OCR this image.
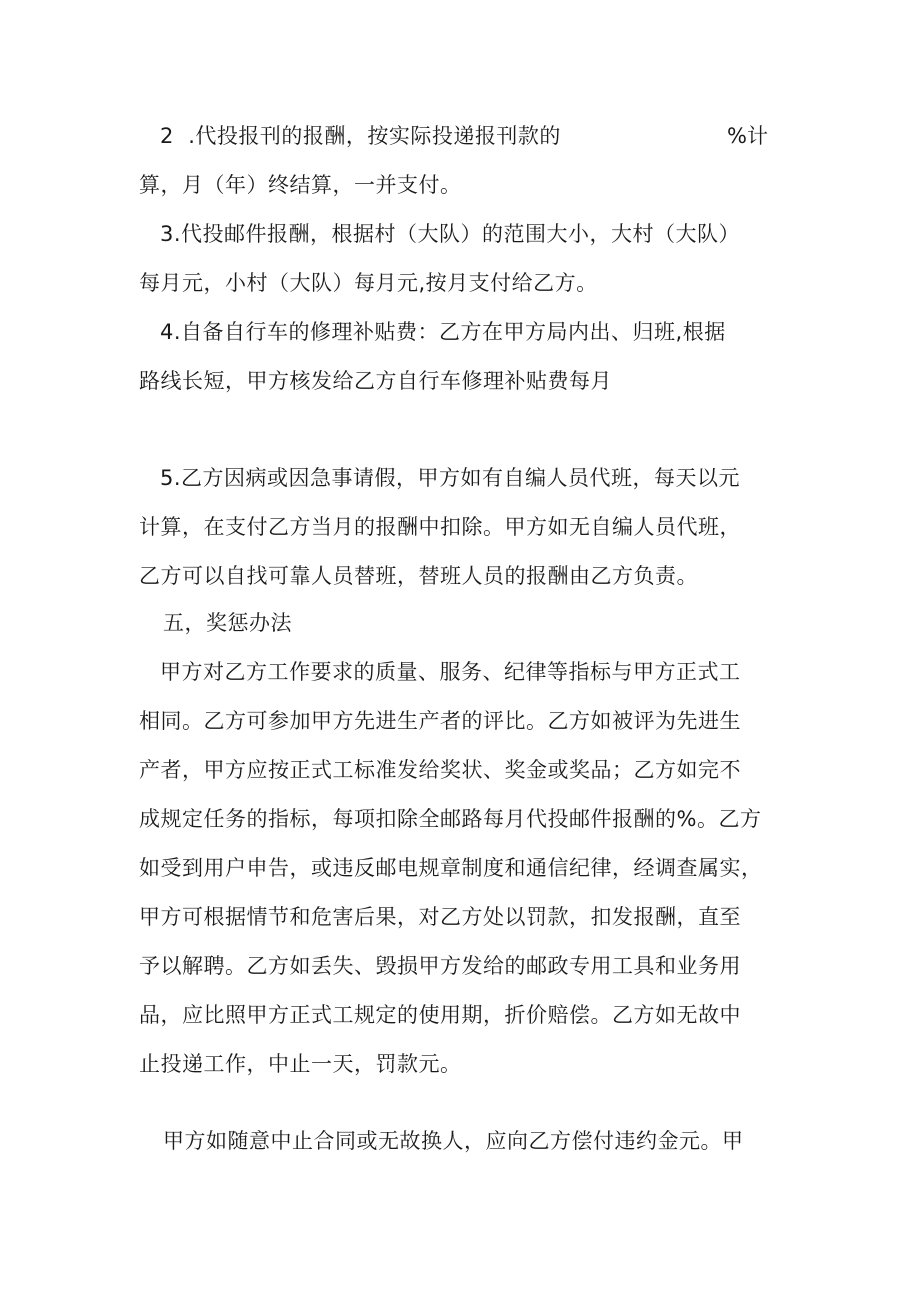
2  .代投报刊的报酬，按实际投递报刊款的	%计
算，月（年）终结算，一并支付。
3.代投邮件报酬，根据村（大队）的范围大小，大村（大队）
每月元，小村（大队）每月元,按月支付给乙方。
4.自备自行车的修理补贴费：乙方在甲方局内出、归班,根据
路线长短，甲方核发给乙方自行车修理补贴费每月
5.乙方因病或因急事请假，甲方如有自编人员代班，每天以元
计算，在支付乙方当月的报酬中扣除。甲方如无自编人员代班，
乙方可以自找可靠人员替班，替班人员的报酬由乙方负责。
五，奖惩办法
甲方对乙方工作要求的质量、服务、纪律等指标与甲方正式工
相同。乙方可参加甲方先进生产者的评比。乙方如被评为先进生
产者，甲方应按正式工标准发给奖状、奖金或奖品；乙方如完不
成规定任务的指标，每项扣除全邮路每月代投邮件报酬的%。乙方
如受到用户申告，或违反邮电规章制度和通信纪律，经调查属实，
甲方可根据情节和危害后果，对乙方处以罚款，扣发报酬，直至
予以解聘。乙方如丢失、毁损甲方发给的邮政专用工具和业务用
品，应比照甲方正式工规定的使用期，折价赔偿。乙方如无故中
止投递工作，中止一天，罚款元。
甲方如随意中止合同或无故换人，应向乙方偿付违约金元。甲
